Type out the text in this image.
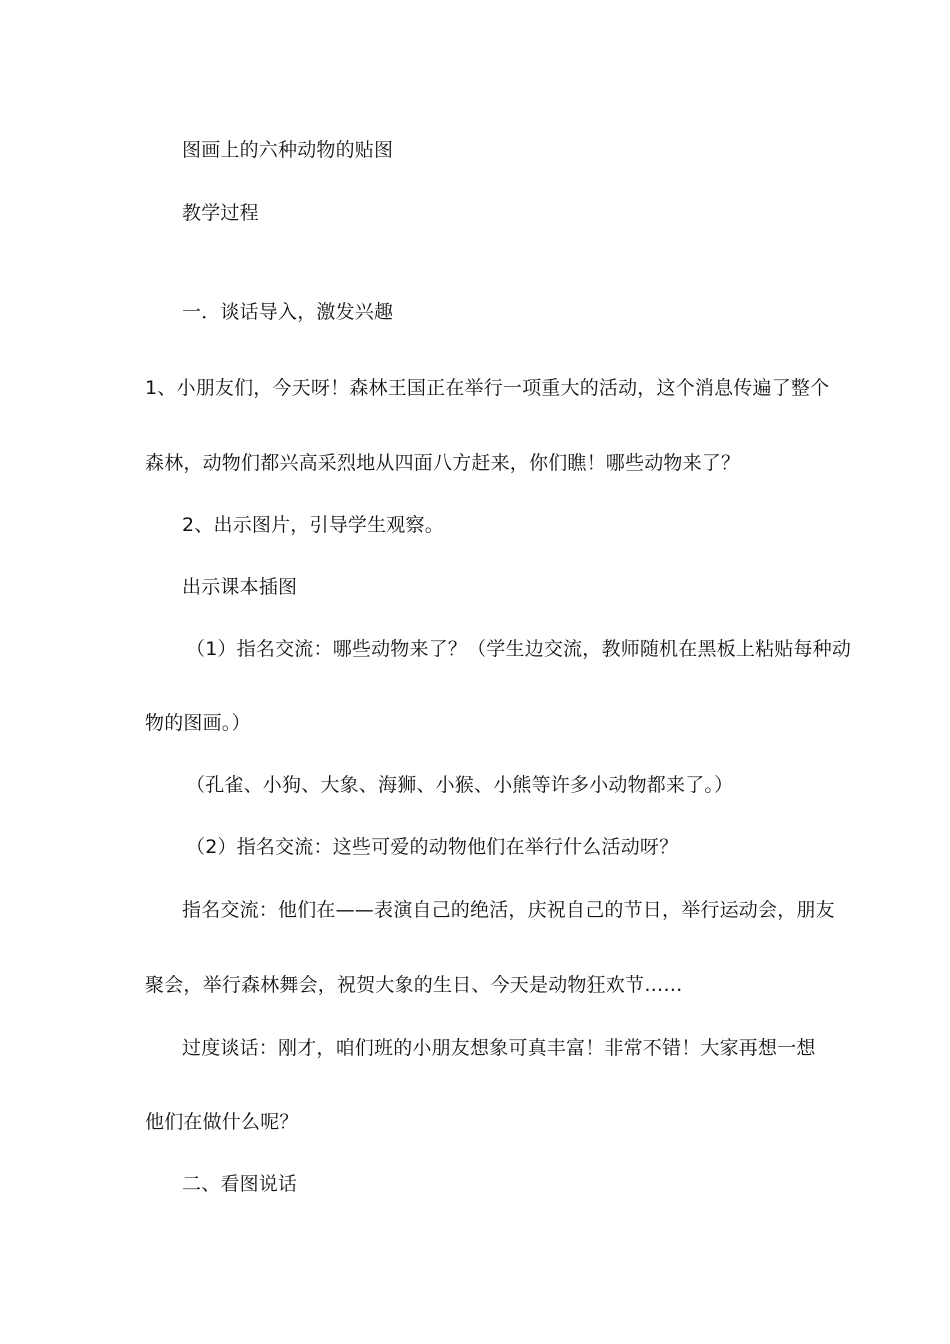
图画上的六种动物的贴图
教学过程
一．谈话导入，激发兴趣
1、小朋友们，今天呀！森林王国正在举行一项重大的活动，这个消息传遍了整个
森林，动物们都兴高采烈地从四面八方赶来，你们瞧！哪些动物来了？
2、出示图片，引导学生观察。
出示课本插图
（1）指名交流：哪些动物来了？（学生边交流，教师随机在黑板上粘贴每种动
物的图画。）
（孔雀、小狗、大象、海狮、小猴、小熊等许多小动物都来了。）
（2）指名交流：这些可爱的动物他们在举行什么活动呀？
指名交流：他们在——表演自己的绝活，庆祝自己的节日，举行运动会，朋友
聚会，举行森林舞会，祝贺大象的生日、今天是动物狂欢节……
过度谈话：刚才，咱们班的小朋友想象可真丰富！非常不错！大家再想一想
他们在做什么呢？
二、看图说话
